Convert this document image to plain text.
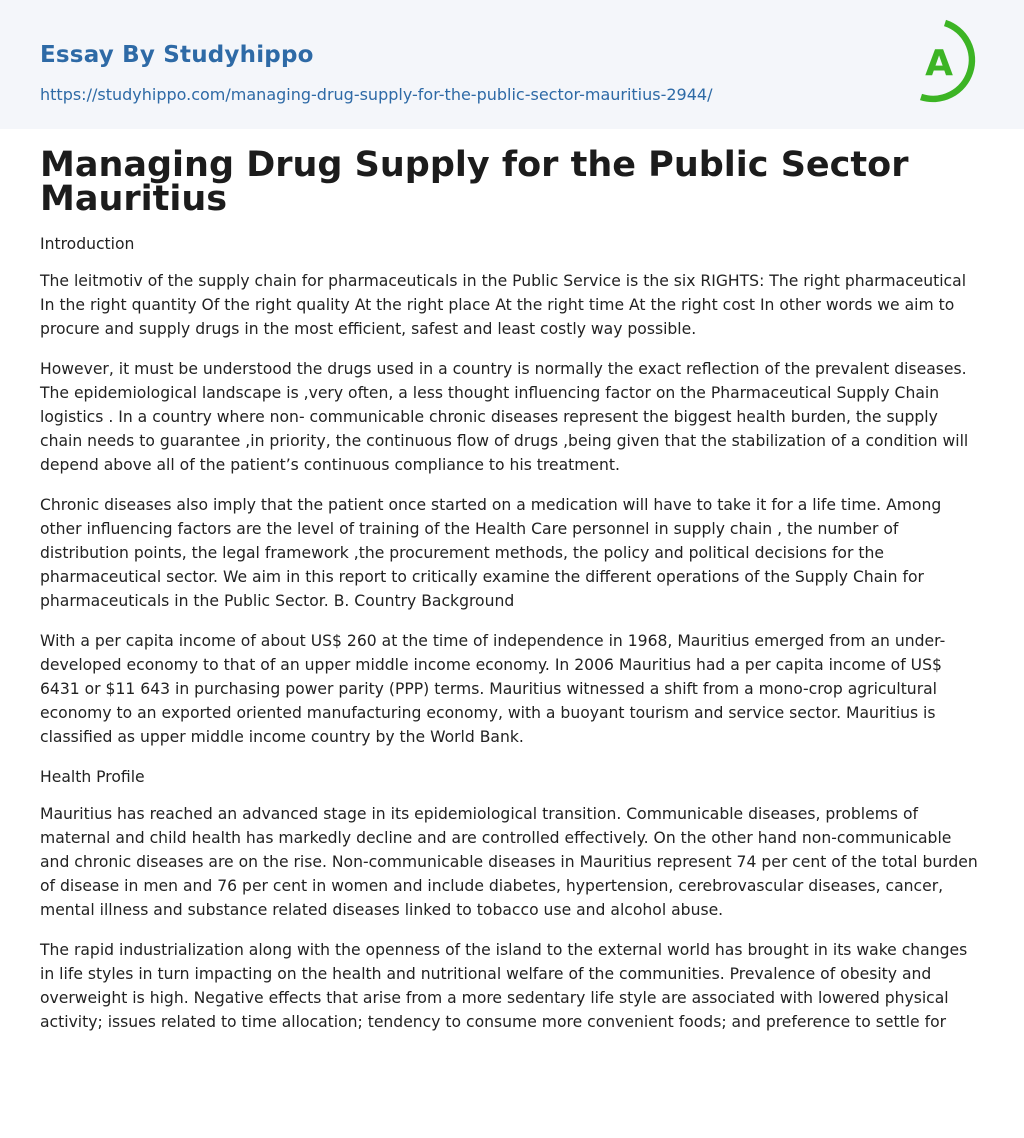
Essay By Studyhippo
https://studyhippo.com/managing-drug-supply-for-the-public-sector-mauritius-2944/
A
Managing Drug Supply for the Public Sector Mauritius
Introduction

The leitmotiv of the supply chain for pharmaceuticals in the Public Service is the six RIGHTS: The right pharmaceutical In the right quantity Of the right quality At the right place At the right time At the right cost In other words we aim to procure and supply drugs in the most efficient, safest and least costly way possible.

However, it must be understood the drugs used in a country is normally the exact reflection of the prevalent diseases. The epidemiological landscape is ,very often, a less thought influencing factor on the Pharmaceutical Supply Chain logistics . In a country where non- communicable chronic diseases represent the biggest health burden, the supply chain needs to guarantee ,in priority, the continuous flow of drugs ,being given that the stabilization of a condition will depend above all of the patient’s continuous compliance to his treatment.

Chronic diseases also imply that the patient once started on a medication will have to take it for a life time. Among other influencing factors are the level of training of the Health Care personnel in supply chain , the number of distribution points, the legal framework ,the procurement methods, the policy and political decisions for the pharmaceutical sector. We aim in this report to critically examine the different operations of the Supply Chain for pharmaceuticals in the Public Sector. B. Country Background

With a per capita income of about US$ 260 at the time of independence in 1968, Mauritius emerged from an under-developed economy to that of an upper middle income economy. In 2006 Mauritius had a per capita income of US$ 6431 or $11 643 in purchasing power parity (PPP) terms. Mauritius witnessed a shift from a mono-crop agricultural economy to an exported oriented manufacturing economy, with a buoyant tourism and service sector. Mauritius is classified as upper middle income country by the World Bank.

Health Profile

Mauritius has reached an advanced stage in its epidemiological transition. Communicable diseases, problems of maternal and child health has markedly decline and are controlled effectively. On the other hand non-communicable and chronic diseases are on the rise. Non-communicable diseases in Mauritius represent 74 per cent of the total burden of disease in men and 76 per cent in women and include diabetes, hypertension, cerebrovascular diseases, cancer, mental illness and substance related diseases linked to tobacco use and alcohol abuse.

The rapid industrialization along with the openness of the island to the external world has brought in its wake changes in life styles in turn impacting on the health and nutritional welfare of the communities. Prevalence of obesity and overweight is high. Negative effects that arise from a more sedentary life style are associated with lowered physical activity; issues related to time allocation; tendency to consume more convenient foods; and preference to settle for
